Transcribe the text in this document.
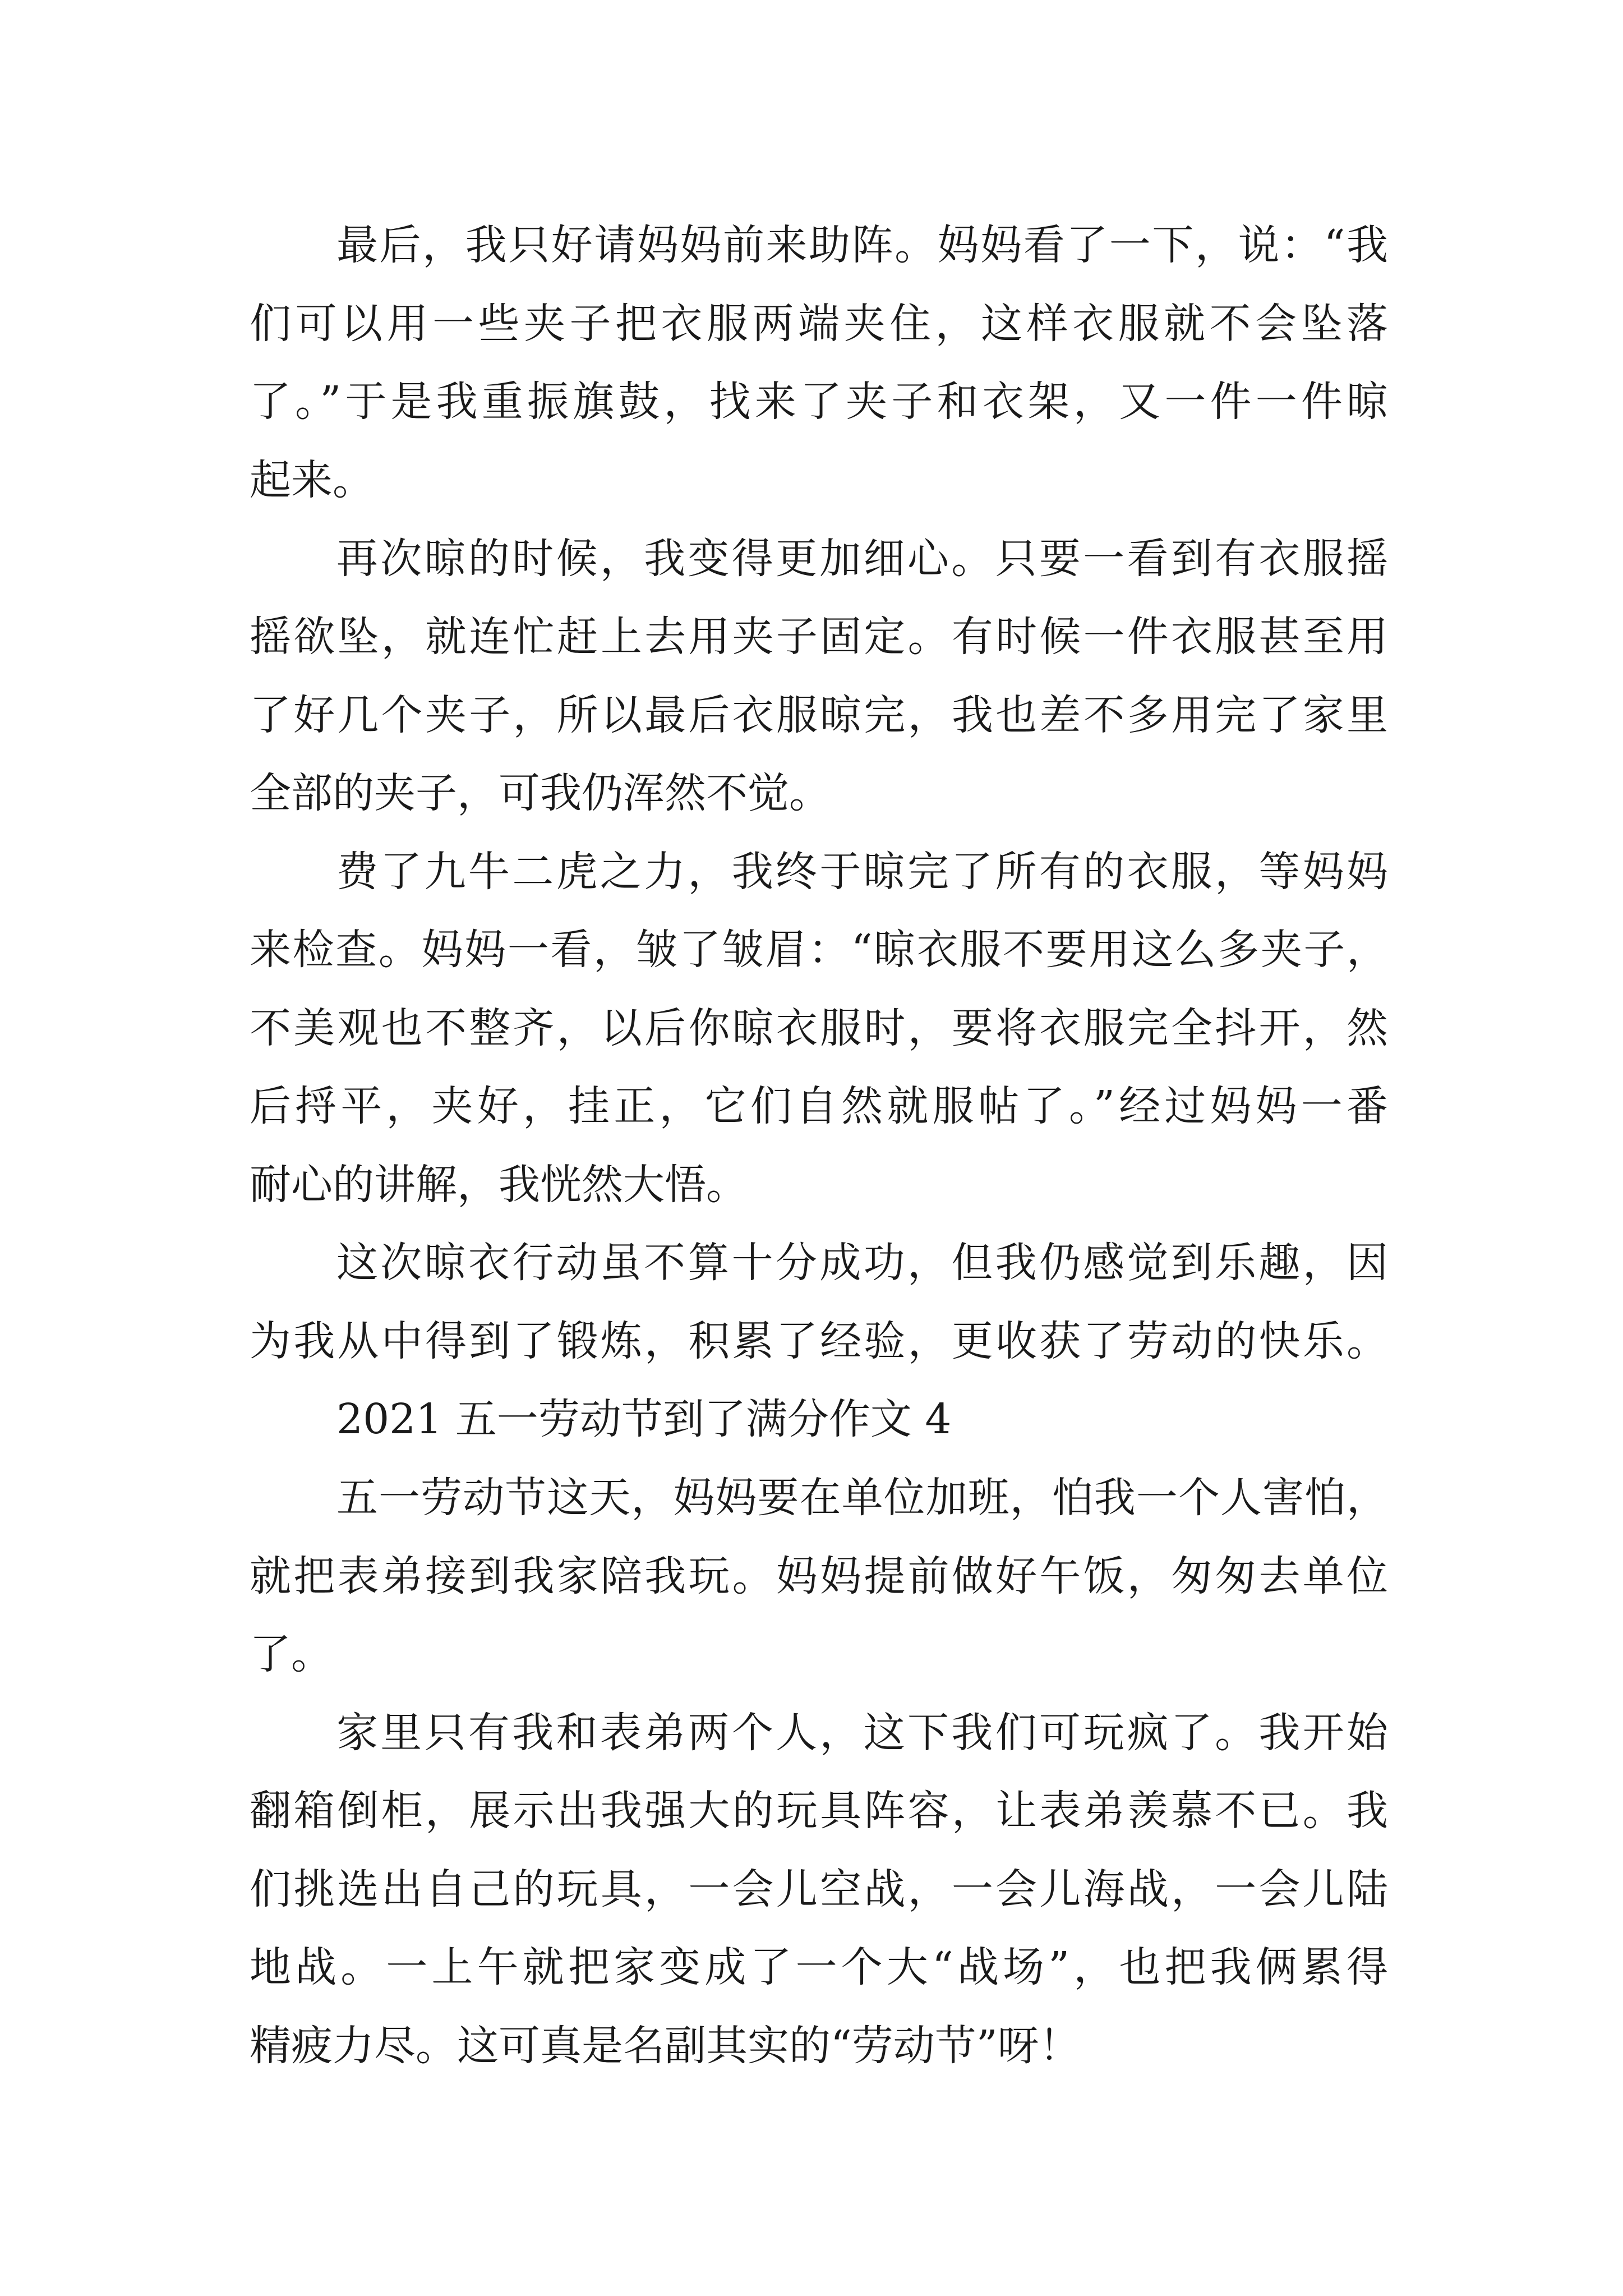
最后，我只好请妈妈前来助阵。妈妈看了一下，说：“我
们可以用一些夹子把衣服两端夹住，这样衣服就不会坠落
了。”于是我重振旗鼓，找来了夹子和衣架，又一件一件晾
起来。
再次晾的时候，我变得更加细心。只要一看到有衣服摇
摇欲坠，就连忙赶上去用夹子固定。有时候一件衣服甚至用
了好几个夹子，所以最后衣服晾完，我也差不多用完了家里
全部的夹子，可我仍浑然不觉。
费了九牛二虎之力，我终于晾完了所有的衣服，等妈妈
来检查。妈妈一看，皱了皱眉：“晾衣服不要用这么多夹子，
不美观也不整齐，以后你晾衣服时，要将衣服完全抖开，然
后捋平，夹好，挂正，它们自然就服帖了。”经过妈妈一番
耐心的讲解，我恍然大悟。
这次晾衣行动虽不算十分成功，但我仍感觉到乐趣，因
为我从中得到了锻炼，积累了经验，更收获了劳动的快乐。
2021 五一劳动节到了满分作文 4
五一劳动节这天，妈妈要在单位加班，怕我一个人害怕，
就把表弟接到我家陪我玩。妈妈提前做好午饭，匆匆去单位
了。
家里只有我和表弟两个人，这下我们可玩疯了。我开始
翻箱倒柜，展示出我强大的玩具阵容，让表弟羡慕不已。我
们挑选出自己的玩具，一会儿空战，一会儿海战，一会儿陆
地战。一上午就把家变成了一个大“战场”，也把我俩累得
精疲力尽。这可真是名副其实的“劳动节”呀！
